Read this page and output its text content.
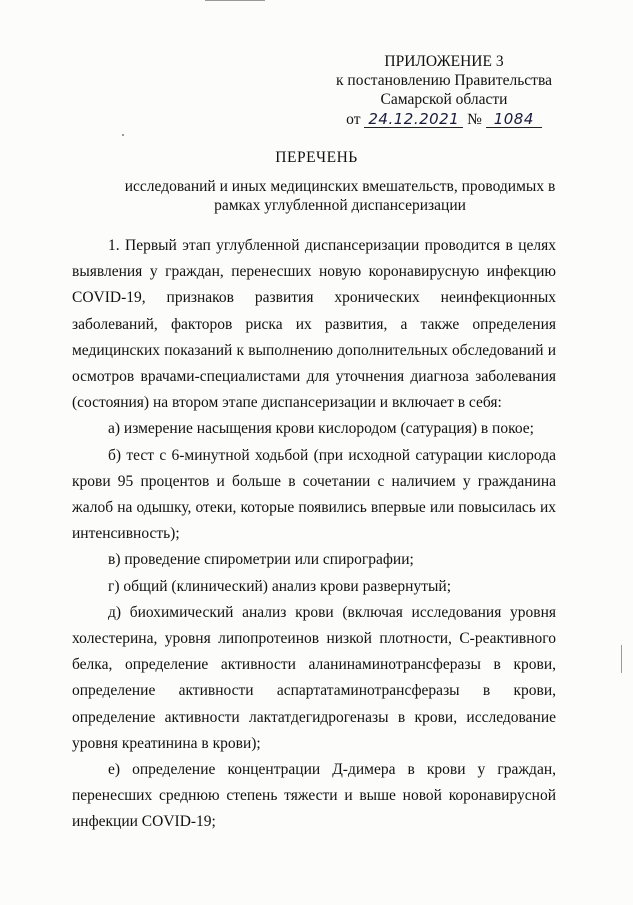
ПРИЛОЖЕНИЕ 3
к постановлению Правительства
Самарской области
от 24.12.2021 № 1084
ПЕРЕЧЕНЬ
исследований и иных медицинских вмешательств, проводимых в рамках углубленной диспансеризации

1. Первый этап углубленной диспансеризации проводится в целях выявления у граждан, перенесших новую коронавирусную инфекцию COVID-19, признаков развития хронических неинфекционных заболеваний, факторов риска их развития, а также определения медицинских показаний к выполнению дополнительных обследований и осмотров врачами-специалистами для уточнения диагноза заболевания (состояния) на втором этапе диспансеризации и включает в себя:

а) измерение насыщения крови кислородом (сатурация) в покое;

б) тест с 6-минутной ходьбой (при исходной сатурации кислорода крови 95 процентов и больше в сочетании с наличием у гражданина жалоб на одышку, отеки, которые появились впервые или повысилась их интенсивность);

в) проведение спирометрии или спирографии;

г) общий (клинический) анализ крови развернутый;

д) биохимический анализ крови (включая исследования уровня холестерина, уровня липопротеинов низкой плотности, С-реактивного белка, определение активности аланинаминотрансферазы в крови, определение активности аспартатаминотрансферазы в крови, определение активности лактатдегидрогеназы в крови, исследование уровня креатинина в крови);

е) определение концентрации Д-димера в крови у граждан, перенесших среднюю степень тяжести и выше новой коронавирусной инфекции COVID-19;
